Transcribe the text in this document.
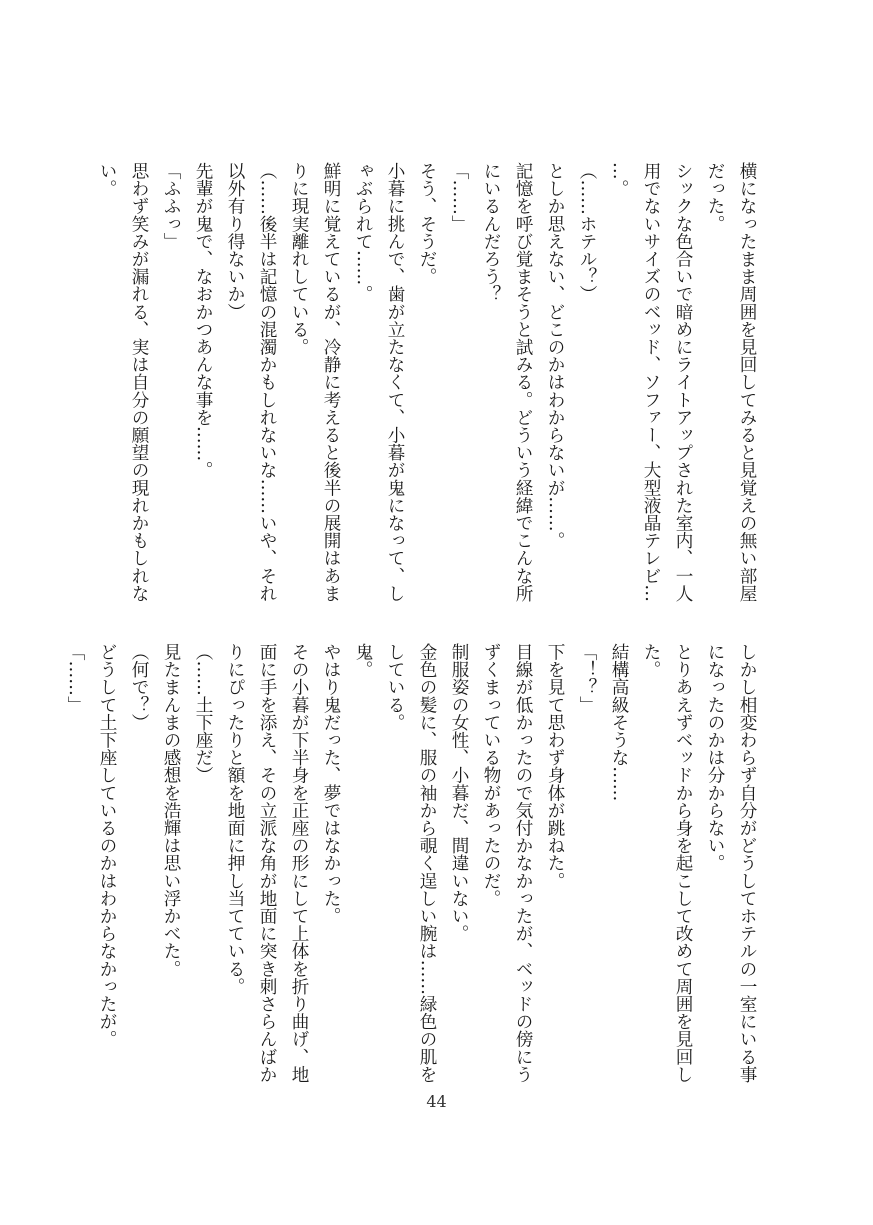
横になったまま周囲を見回してみると見覚えの無い部屋
だった。
シックな色合いで暗めにライトアップされた室内、一人
用でないサイズのベッド、ソファー、大型液晶テレビ…
…。
（……ホテル？）
としか思えない、どこのかはわからないが……。
記憶を呼び覚まそうと試みる。どういう経緯でこんな所
にいるんだろう？
「……」
そう、そうだ。
小暮に挑んで、歯が立たなくて、小暮が鬼になって、し
ゃぶられて……。
鮮明に覚えているが、冷静に考えると後半の展開はあま
りに現実離れしている。
（……後半は記憶の混濁かもしれないな……いや、それ
以外有り得ないか）
先輩が鬼で、なおかつあんな事を……。
「ふふっ」
思わず笑みが漏れる、実は自分の願望の現れかもしれな
い。
しかし相変わらず自分がどうしてホテルの一室にいる事
になったのかは分からない。
とりあえずベッドから身を起こして改めて周囲を見回し
た。
結構高級そうな……
「！？」
下を見て思わず身体が跳ねた。
目線が低かったので気付かなかったが、ベッドの傍にう
ずくまっている物があったのだ。
制服姿の女性、小暮だ、間違いない。
金色の髪に、服の袖から覗く逞しい腕は……緑色の肌を
している。
鬼。
やはり鬼だった、夢ではなかった。
その小暮が下半身を正座の形にして上体を折り曲げ、地
面に手を添え、その立派な角が地面に突き刺さらんばか
りにぴったりと額を地面に押し当てている。
（……土下座だ）
見たまんまの感想を浩輝は思い浮かべた。
（何で？）
どうして土下座しているのかはわからなかったが。
「……」
44
